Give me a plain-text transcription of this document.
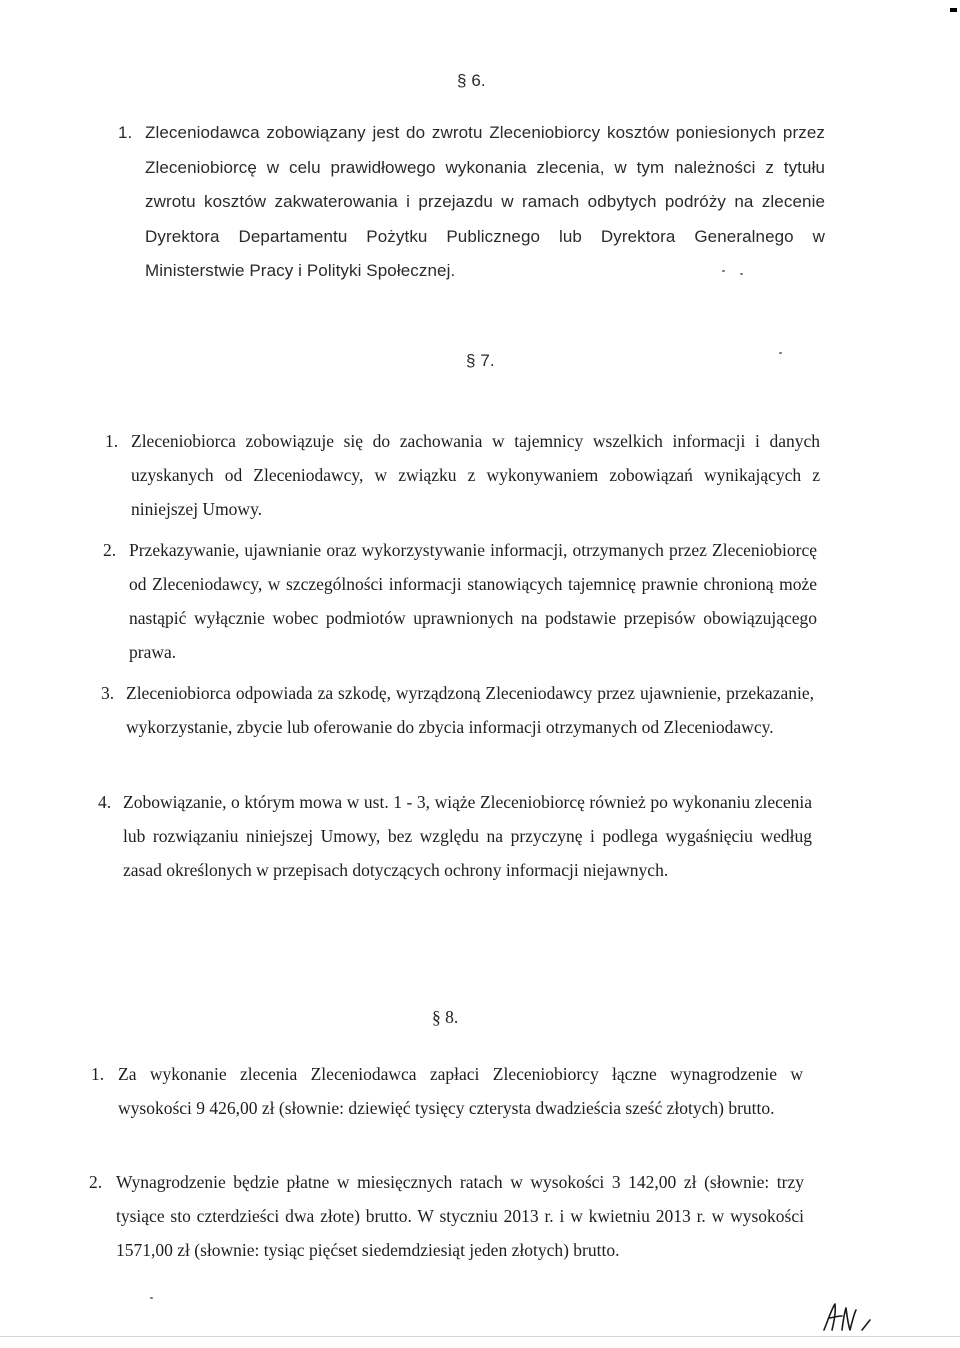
§ 6.
1. Zleceniodawca zobowiązany jest do zwrotu Zleceniobiorcy kosztów poniesionych przez Zleceniobiorcę w celu prawidłowego wykonania zlecenia, w tym należności z tytułu zwrotu kosztów zakwaterowania i przejazdu w ramach odbytych podróży na zlecenie Dyrektora Departamentu Pożytku Publicznego lub Dyrektora Generalnego w Ministerstwie Pracy i Polityki Społecznej.
§ 7.
1. Zleceniobiorca zobowiązuje się do zachowania w tajemnicy wszelkich informacji i danych uzyskanych od Zleceniodawcy, w związku z wykonywaniem zobowiązań wynikających z niniejszej Umowy.
2. Przekazywanie, ujawnianie oraz wykorzystywanie informacji, otrzymanych przez Zleceniobiorcę od Zleceniodawcy, w szczególności informacji stanowiących tajemnicę prawnie chronioną może nastąpić wyłącznie wobec podmiotów uprawnionych na podstawie przepisów obowiązującego prawa.
3. Zleceniobiorca odpowiada za szkodę, wyrządzoną Zleceniodawcy przez ujawnienie, przekazanie, wykorzystanie, zbycie lub oferowanie do zbycia informacji otrzymanych od Zleceniodawcy.
4. Zobowiązanie, o którym mowa w ust. 1 - 3, wiąże Zleceniobiorcę również po wykonaniu zlecenia lub rozwiązaniu niniejszej Umowy, bez względu na przyczynę i podlega wygaśnięciu według zasad określonych w przepisach dotyczących ochrony informacji niejawnych.
§ 8.
1. Za wykonanie zlecenia Zleceniodawca zapłaci Zleceniobiorcy łączne wynagrodzenie w wysokości 9 426,00 zł (słownie: dziewięć tysięcy czterysta dwadzieścia sześć złotych) brutto.
2. Wynagrodzenie będzie płatne w miesięcznych ratach w wysokości 3 142,00 zł (słownie: trzy tysiące sto czterdzieści dwa złote) brutto. W styczniu 2013 r. i w kwietniu 2013 r. w wysokości 1571,00 zł (słownie: tysiąc pięćset siedemdziesiąt jeden złotych) brutto.
